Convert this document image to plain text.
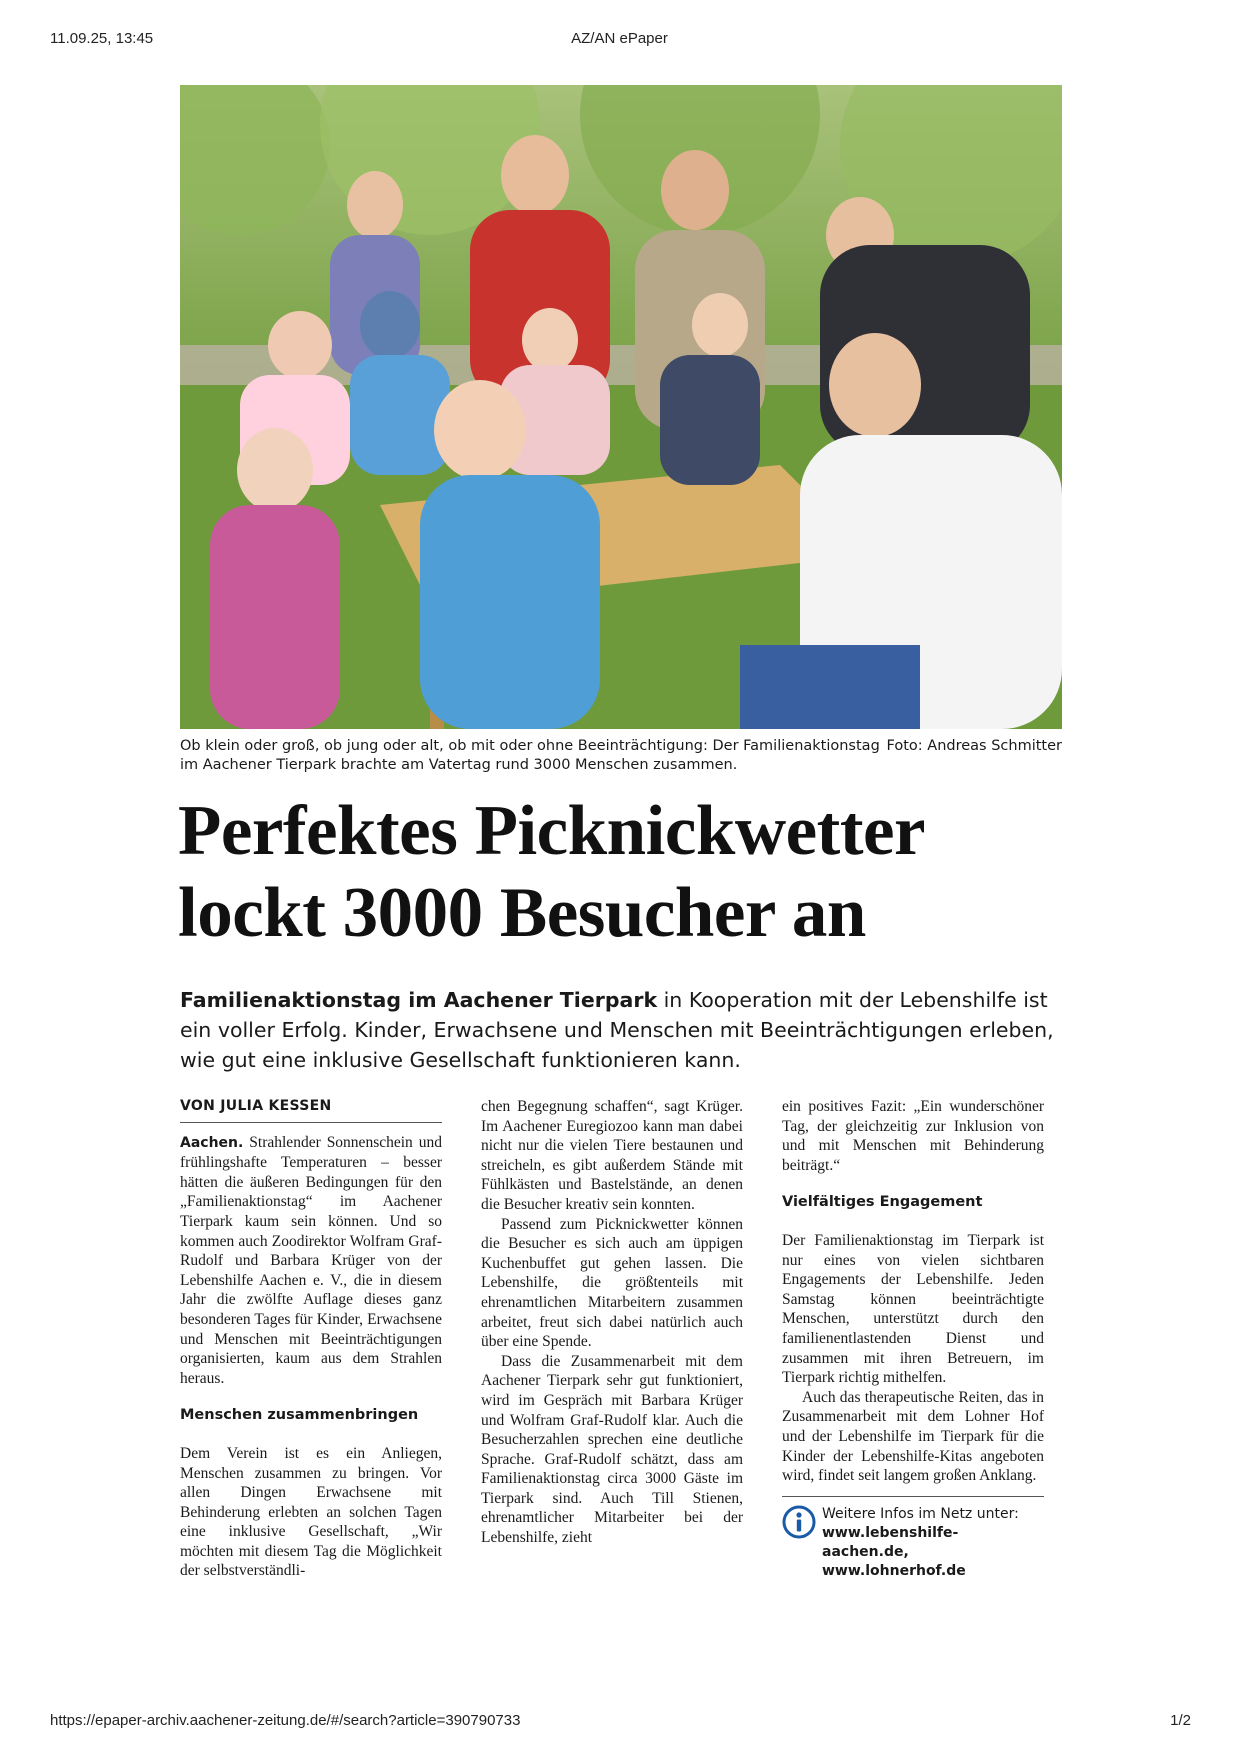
11.09.25, 13:45	AZ/AN ePaper
Foto: Andreas Schmitter
Ob klein oder groß, ob jung oder alt, ob mit oder ohne Beeinträchtigung: Der Familienaktionstag im Aachener Tierpark brachte am Vatertag rund 3000 Menschen zusammen.
Perfektes Picknickwetter
lockt 3000 Besucher an
Familienaktionstag im Aachener Tierpark in Kooperation mit der Lebenshilfe ist ein voller Erfolg. Kinder, Erwachsene und Menschen mit Beeinträchtigungen erleben, wie gut eine inklusive Gesellschaft funktionieren kann.
VON JULIA KESSEN

Aachen. Strahlender Sonnenschein und frühlingshafte Temperaturen – besser hätten die äußeren Bedingungen für den „Familienaktionstag“ im Aachener Tierpark kaum sein können. Und so kommen auch Zoodirektor Wolfram Graf-Rudolf und Barbara Krüger von der Lebenshilfe Aachen e. V., die in diesem Jahr die zwölfte Auflage dieses ganz besonderen Tages für Kinder, Erwachsene und Menschen mit Beeinträchtigungen organisierten, kaum aus dem Strahlen heraus.

Menschen zusammenbringen

Dem Verein ist es ein Anliegen, Menschen zusammen zu bringen. Vor allen Dingen Erwachsene mit Behinderung erlebten an solchen Tagen eine inklusive Gesellschaft, „Wir möchten mit diesem Tag die Möglichkeit der selbstverständli-

chen Begegnung schaffen“, sagt Krüger. Im Aachener Euregiozoo kann man dabei nicht nur die vielen Tiere bestaunen und streicheln, es gibt außerdem Stände mit Fühlkästen und Bastelstände, an denen die Besucher kreativ sein konnten.

Passend zum Picknickwetter können die Besucher es sich auch am üppigen Kuchenbuffet gut gehen lassen. Die Lebenshilfe, die größtenteils mit ehrenamtlichen Mitarbeitern zusammen arbeitet, freut sich dabei natürlich auch über eine Spende.

Dass die Zusammenarbeit mit dem Aachener Tierpark sehr gut funktioniert, wird im Gespräch mit Barbara Krüger und Wolfram Graf-Rudolf klar. Auch die Besucherzahlen sprechen eine deutliche Sprache. Graf-Rudolf schätzt, dass am Familienaktionstag circa 3000 Gäste im Tierpark sind. Auch Till Stienen, ehrenamtlicher Mitarbeiter bei der Lebenshilfe, zieht

ein positives Fazit: „Ein wunderschöner Tag, der gleichzeitig zur Inklusion von und mit Menschen mit Behinderung beiträgt.“

Vielfältiges Engagement

Der Familienaktionstag im Tierpark ist nur eines von vielen sichtbaren Engagements der Lebenshilfe. Jeden Samstag können beeinträchtigte Menschen, unterstützt durch den familienentlastenden Dienst und zusammen mit ihren Betreuern, im Tierpark richtig mithelfen.

Auch das therapeutische Reiten, das in Zusammenarbeit mit dem Lohner Hof und der Lebenshilfe im Tierpark für die Kinder der Lebenshilfe-Kitas angeboten wird, findet seit langem großen Anklang.

Weitere Infos im Netz unter:
www.lebenshilfe-aachen.de,
www.lohnerhof.de
https://epaper-archiv.aachener-zeitung.de/#/search?article=390790733	1/2
